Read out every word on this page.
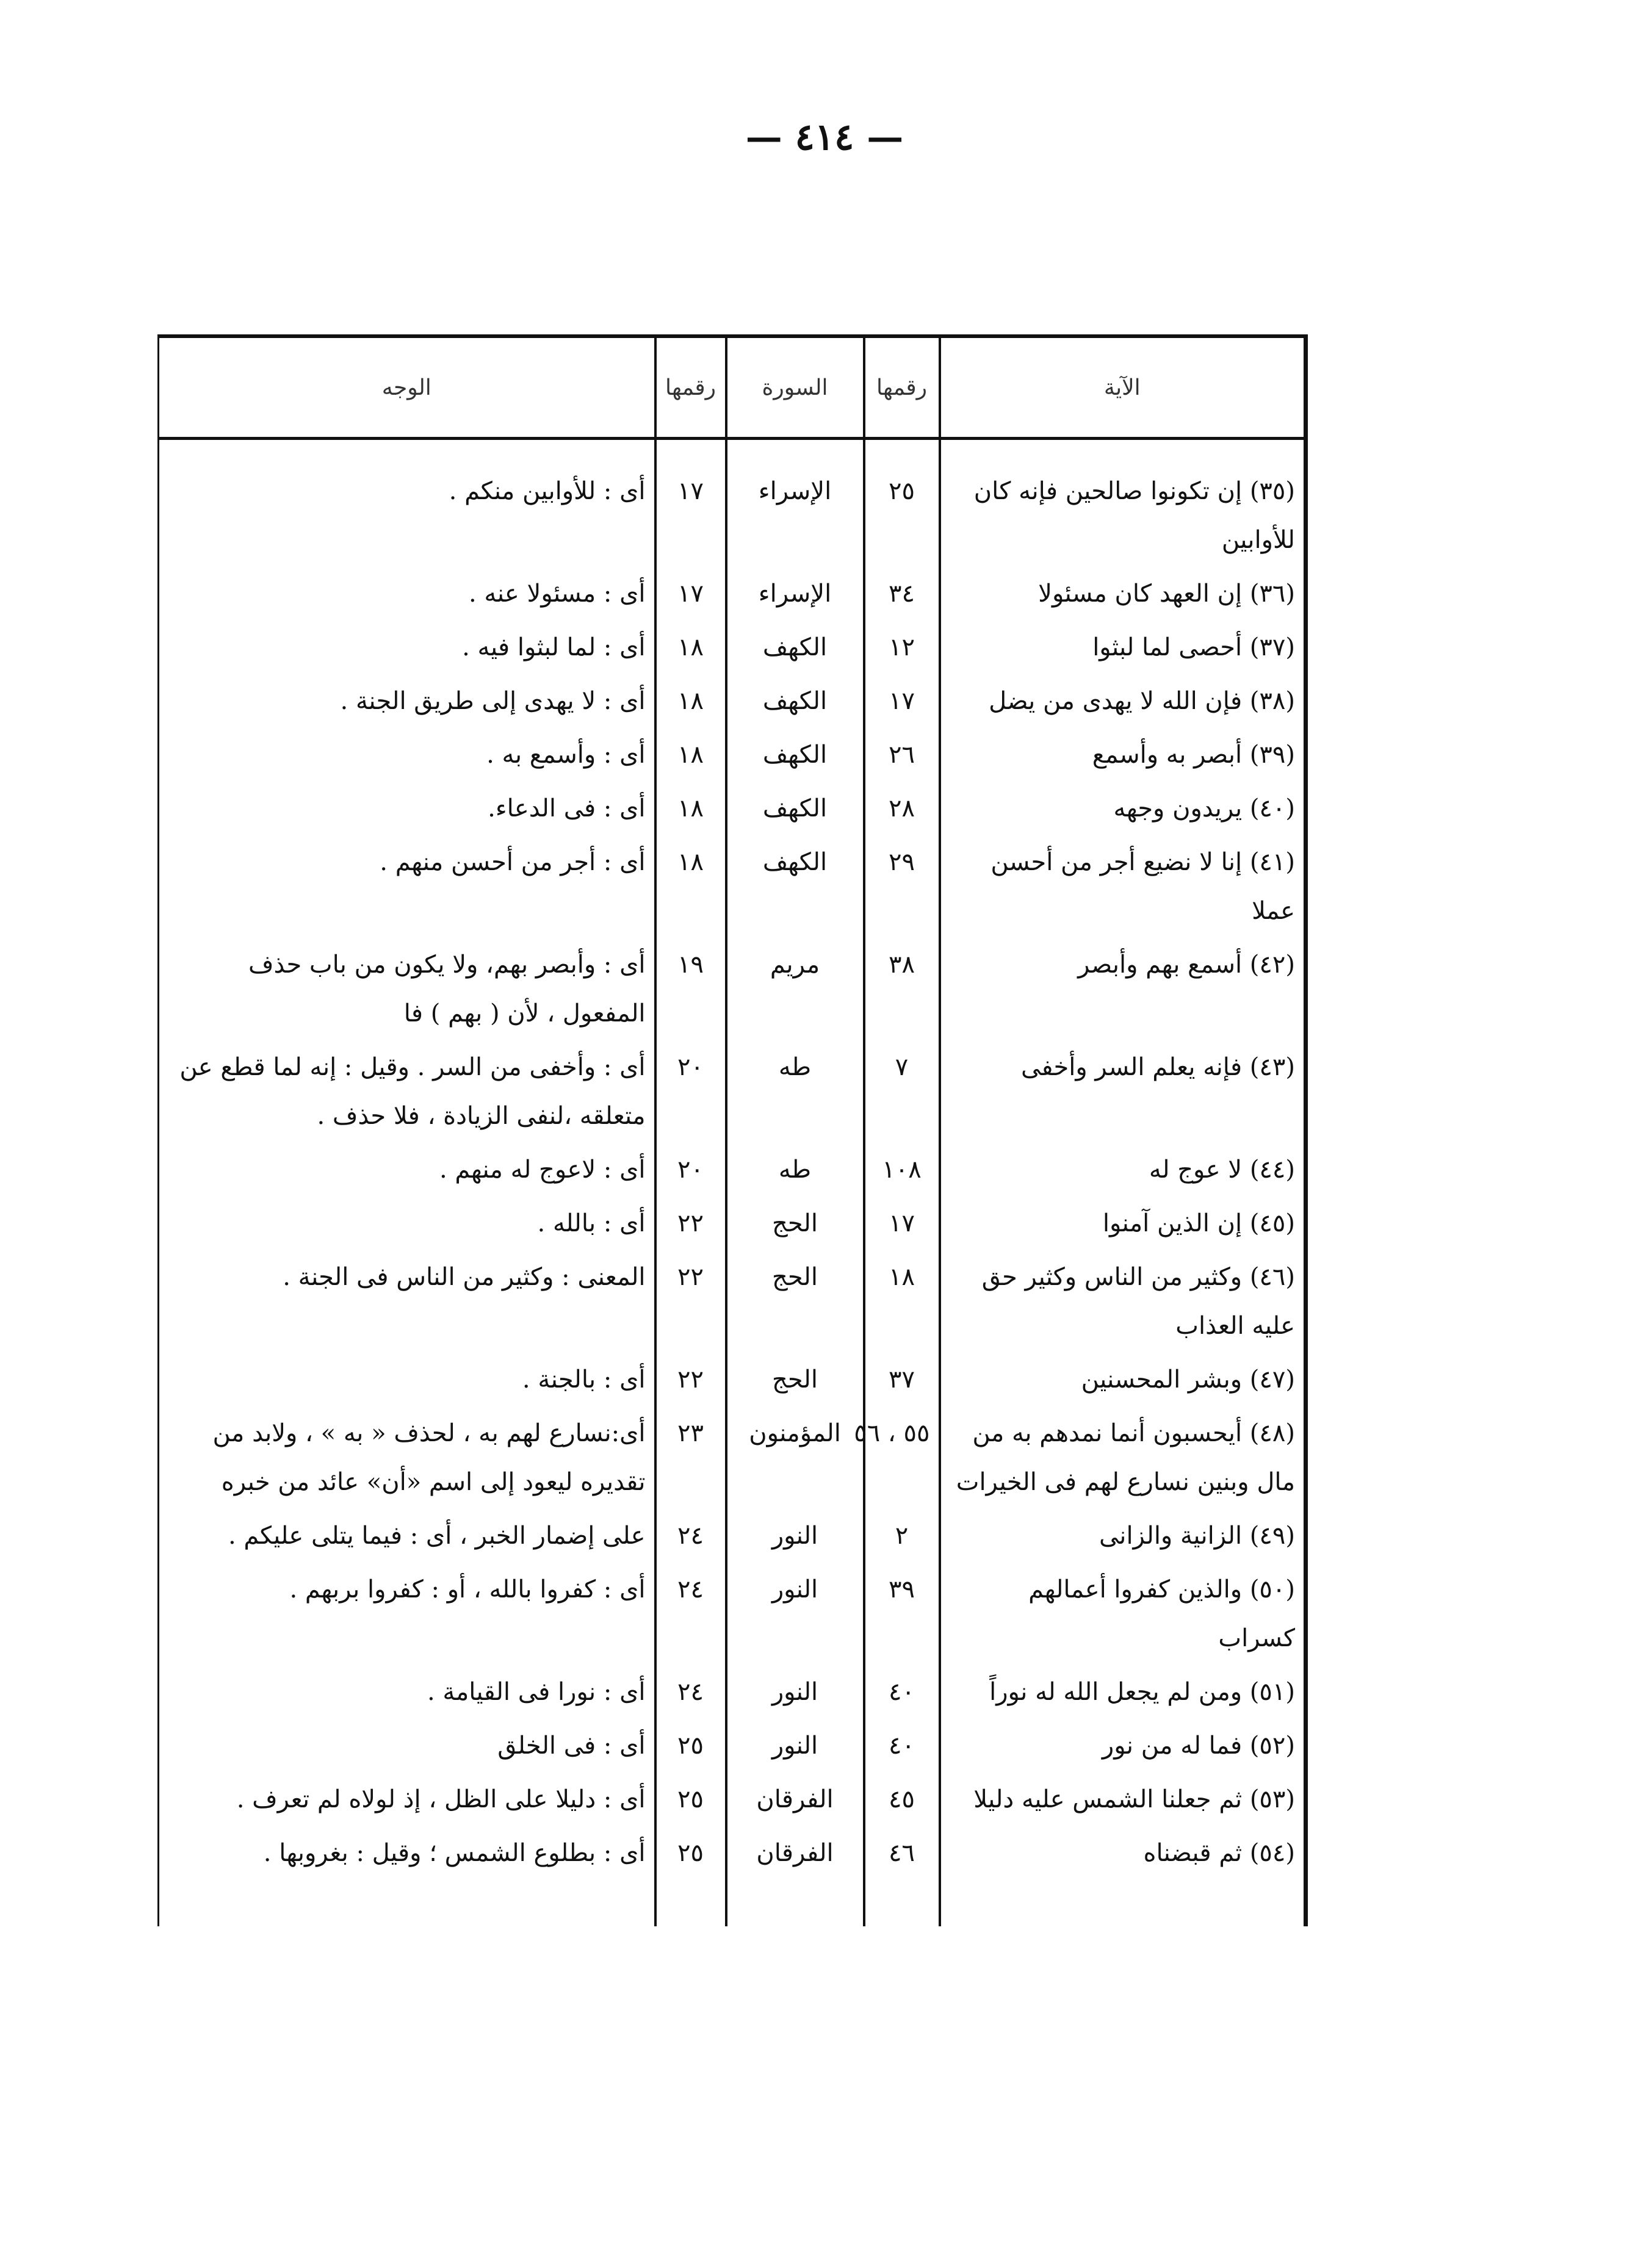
— ٤١٤ —
الآية	رقمها	السورة	رقمها	الوجه
(٣٥) إن تكونوا صالحين فإنه كان للأوابين	٢٥	الإسراء	١٧	أى : للأوابين منكم .
(٣٦) إن العهد كان مسئولا	٣٤	الإسراء	١٧	أى : مسئولا عنه .
(٣٧) أحصى لما لبثوا	١٢	الكهف	١٨	أى : لما لبثوا فيه .
(٣٨) فإن الله لا يهدى من يضل	١٧	الكهف	١٨	أى : لا يهدى إلى طريق الجنة .
(٣٩) أبصر به وأسمع	٢٦	الكهف	١٨	أى : وأسمع به .
(٤٠) يريدون وجهه	٢٨	الكهف	١٨	أى : فى الدعاء.
(٤١) إنا لا نضيع أجر من أحسن عملا	٢٩	الكهف	١٨	أى : أجر من أحسن منهم .
(٤٢) أسمع بهم وأبصر	٣٨	مريم	١٩	أى : وأبصر بهم، ولا يكون من باب حذف المفعول ، لأن ( بهم ) فا
(٤٣) فإنه يعلم السر وأخفى	٧	طه	٢٠	أى : وأخفى من السر . وقيل : إنه لما قطع عن متعلقه ،لنفى الزيادة ، فلا حذف .
(٤٤) لا عوج له	١٠٨	طه	٢٠	أى : لاعوج له منهم .
(٤٥) إن الذين آمنوا	١٧	الحج	٢٢	أى : بالله .
(٤٦) وكثير من الناس وكثير حق عليه العذاب	١٨	الحج	٢٢	المعنى : وكثير من الناس فى الجنة .
(٤٧) وبشر المحسنين	٣٧	الحج	٢٢	أى : بالجنة .
(٤٨) أيحسبون أنما نمدهم به من مال وبنين نسارع لهم فى الخيرات	٥٥ ، ٥٦	المؤمنون	٢٣	أى:نسارع لهم به ، لحذف « به » ، ولابد من تقديره ليعود إلى اسم «أن» عائد من خبره
(٤٩) الزانية والزانى	٢	النور	٢٤	على إضمار الخبر ، أى : فيما يتلى عليكم .
(٥٠) والذين كفروا أعمالهم كسراب	٣٩	النور	٢٤	أى : كفروا بالله ، أو : كفروا بربهم .
(٥١) ومن لم يجعل الله له نوراً	٤٠	النور	٢٤	أى : نورا فى القيامة .
(٥٢) فما له من نور	٤٠	النور	٢٥	أى : فى الخلق
(٥٣) ثم جعلنا الشمس عليه دليلا	٤٥	الفرقان	٢٥	أى : دليلا على الظل ، إذ لولاه لم تعرف .
(٥٤) ثم قبضناه	٤٦	الفرقان	٢٥	أى : بطلوع الشمس ؛ وقيل : بغروبها .
